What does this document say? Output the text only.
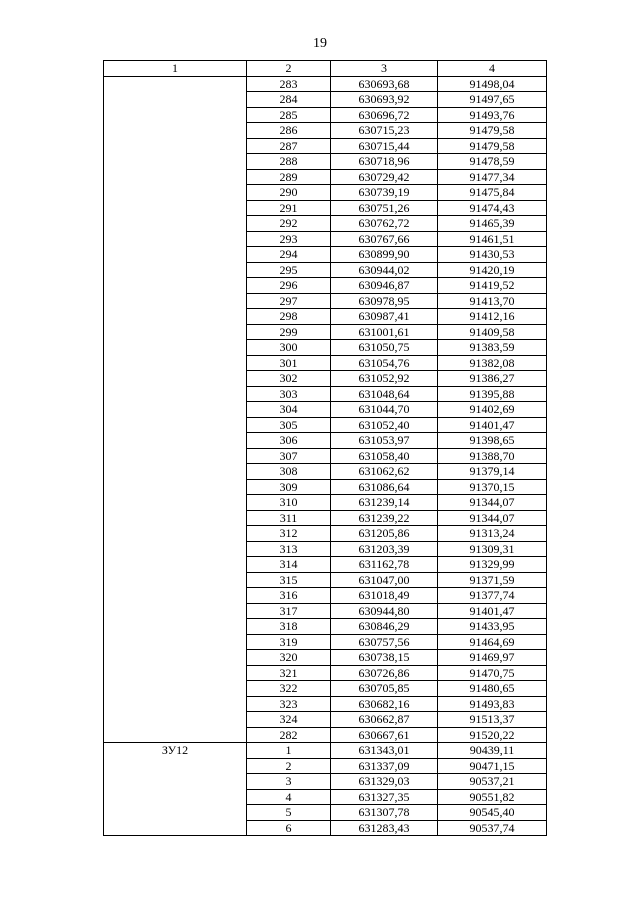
19
1	2	3	4
	283	630693,68	91498,04
	284	630693,92	91497,65
	285	630696,72	91493,76
	286	630715,23	91479,58
	287	630715,44	91479,58
	288	630718,96	91478,59
	289	630729,42	91477,34
	290	630739,19	91475,84
	291	630751,26	91474,43
	292	630762,72	91465,39
	293	630767,66	91461,51
	294	630899,90	91430,53
	295	630944,02	91420,19
	296	630946,87	91419,52
	297	630978,95	91413,70
	298	630987,41	91412,16
	299	631001,61	91409,58
	300	631050,75	91383,59
	301	631054,76	91382,08
	302	631052,92	91386,27
	303	631048,64	91395,88
	304	631044,70	91402,69
	305	631052,40	91401,47
	306	631053,97	91398,65
	307	631058,40	91388,70
	308	631062,62	91379,14
	309	631086,64	91370,15
	310	631239,14	91344,07
	311	631239,22	91344,07
	312	631205,86	91313,24
	313	631203,39	91309,31
	314	631162,78	91329,99
	315	631047,00	91371,59
	316	631018,49	91377,74
	317	630944,80	91401,47
	318	630846,29	91433,95
	319	630757,56	91464,69
	320	630738,15	91469,97
	321	630726,86	91470,75
	322	630705,85	91480,65
	323	630682,16	91493,83
	324	630662,87	91513,37
	282	630667,61	91520,22
ЗУ12	1	631343,01	90439,11
	2	631337,09	90471,15
	3	631329,03	90537,21
	4	631327,35	90551,82
	5	631307,78	90545,40
	6	631283,43	90537,74
